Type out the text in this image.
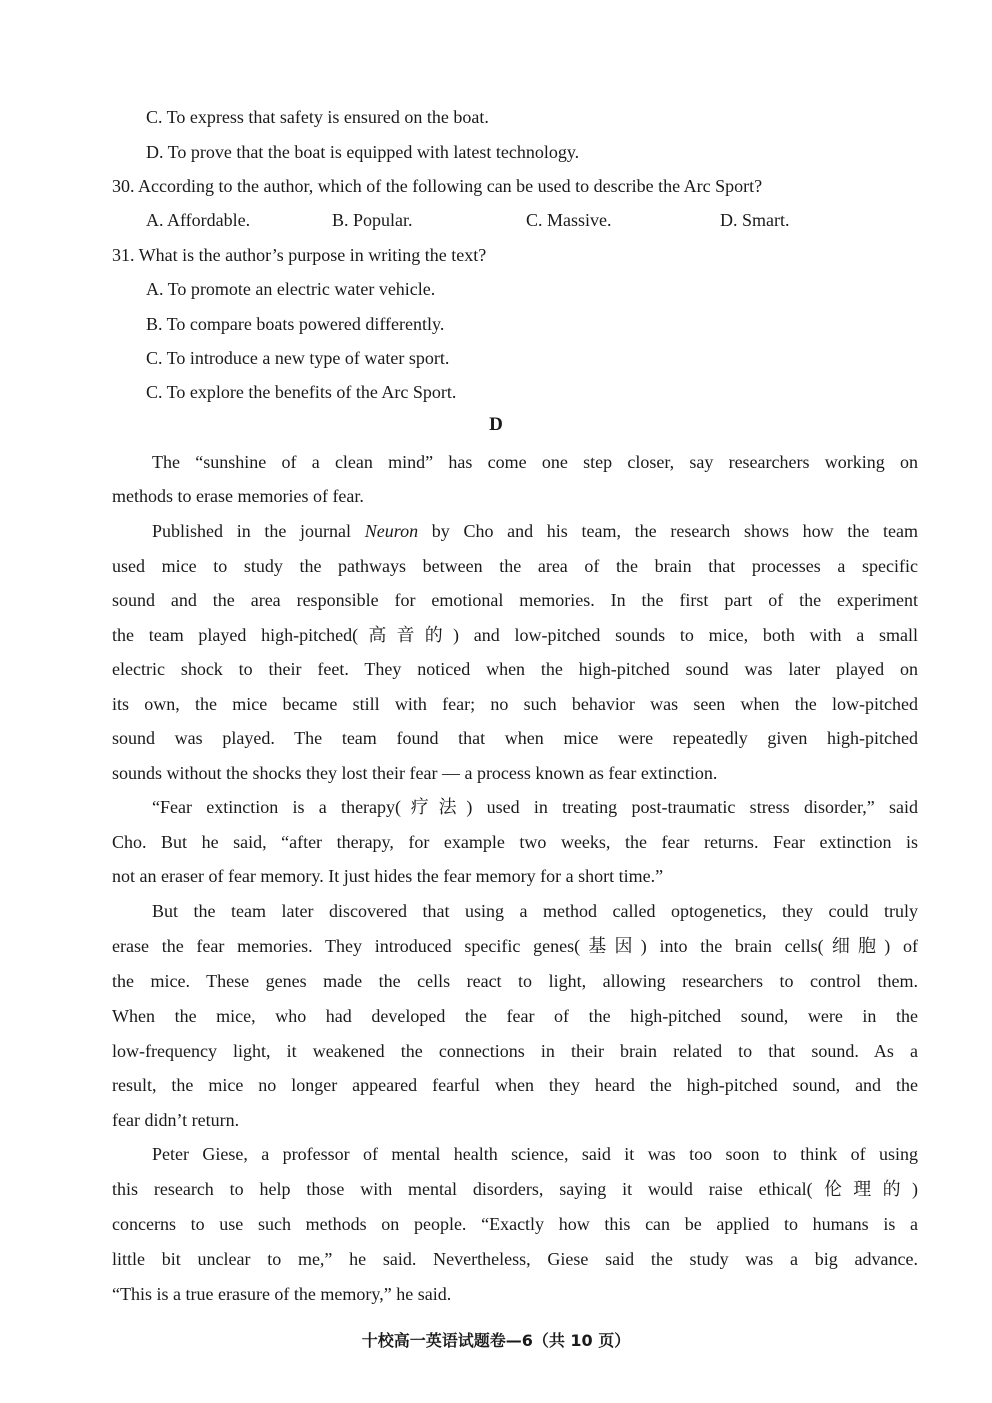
C. To express that safety is ensured on the boat.
D. To prove that the boat is equipped with latest technology.
30. According to the author, which of the following can be used to describe the Arc Sport?
A. Affordable.	B. Popular.	C. Massive.	D. Smart.
31. What is the author’s purpose in writing the text?
A. To promote an electric water vehicle.
B. To compare boats powered differently.
C. To introduce a new type of water sport.
C. To explore the benefits of the Arc Sport.
D
The “sunshine of a clean mind” has come one step closer, say researchers working on
methods to erase memories of fear.
Published in the journal Neuron by Cho and his team, the research shows how the team
used mice to study the pathways between the area of the brain that processes a specific
sound and the area responsible for emotional memories. In the first part of the experiment
the team played high-pitched(高音的) and low-pitched sounds to mice, both with a small
electric shock to their feet. They noticed when the high-pitched sound was later played on
its own, the mice became still with fear; no such behavior was seen when the low-pitched
sound was played. The team found that when mice were repeatedly given high-pitched
sounds without the shocks they lost their fear — a process known as fear extinction.
“Fear extinction is a therapy(疗法) used in treating post-traumatic stress disorder,” said
Cho. But he said, “after therapy, for example two weeks, the fear returns. Fear extinction is
not an eraser of fear memory. It just hides the fear memory for a short time.”
But the team later discovered that using a method called optogenetics, they could truly
erase the fear memories. They introduced specific genes(基因) into the brain cells(细胞) of
the mice. These genes made the cells react to light, allowing researchers to control them.
When the mice, who had developed the fear of the high-pitched sound, were in the
low-frequency light, it weakened the connections in their brain related to that sound. As a
result, the mice no longer appeared fearful when they heard the high-pitched sound, and the
fear didn’t return.
Peter Giese, a professor of mental health science, said it was too soon to think of using
this research to help those with mental disorders, saying it would raise ethical(伦理的)
concerns to use such methods on people. “Exactly how this can be applied to humans is a
little bit unclear to me,” he said. Nevertheless, Giese said the study was a big advance.
“This is a true erasure of the memory,” he said.
十校高一英语试题卷—6（共 10 页）
